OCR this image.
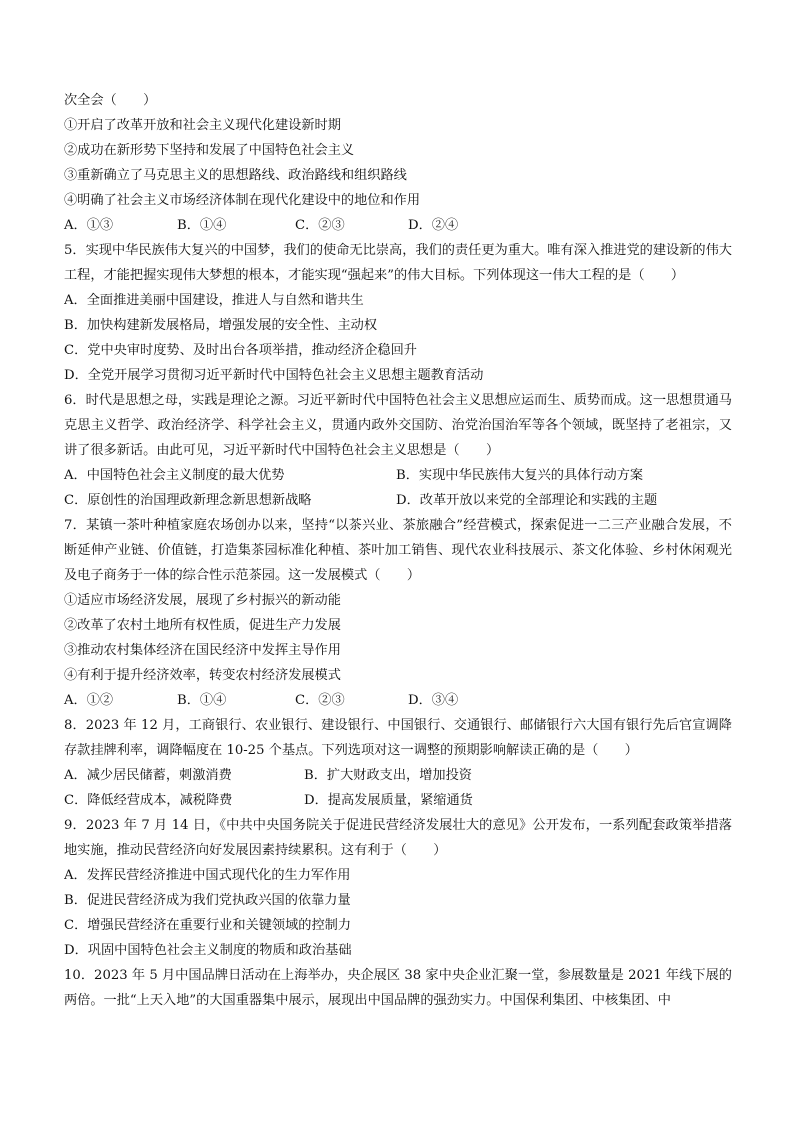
次全会（　　）
①开启了改革开放和社会主义现代化建设新时期
②成功在新形势下坚持和发展了中国特色社会主义
③重新确立了马克思主义的思想路线、政治路线和组织路线
④明确了社会主义市场经济体制在现代化建设中的地位和作用
A．①③	B．①④	C．②③	D．②④
5．实现中华民族伟大复兴的中国梦，我们的使命无比崇高，我们的责任更为重大。唯有深入推进党的建设新的伟大工程，才能把握实现伟大梦想的根本，才能实现“强起来”的伟大目标。下列体现这一伟大工程的是（　　）
A．全面推进美丽中国建设，推进人与自然和谐共生
B．加快构建新发展格局，增强发展的安全性、主动权
C．党中央审时度势、及时出台各项举措，推动经济企稳回升
D．全党开展学习贯彻习近平新时代中国特色社会主义思想主题教育活动
6．时代是思想之母，实践是理论之源。习近平新时代中国特色社会主义思想应运而生、质势而成。这一思想贯通马克思主义哲学、政治经济学、科学社会主义，贯通内政外交国防、治党治国治军等各个领域，既坚持了老祖宗，又讲了很多新话。由此可见，习近平新时代中国特色社会主义思想是（　　）
A．中国特色社会主义制度的最大优势	B．实现中华民族伟大复兴的具体行动方案
C．原创性的治国理政新理念新思想新战略	D．改革开放以来党的全部理论和实践的主题
7．某镇一茶叶种植家庭农场创办以来，坚持“以茶兴业、茶旅融合”经营模式，探索促进一二三产业融合发展，不断延伸产业链、价值链，打造集茶园标准化种植、茶叶加工销售、现代农业科技展示、茶文化体验、乡村休闲观光及电子商务于一体的综合性示范茶园。这一发展模式（　　）
①适应市场经济发展，展现了乡村振兴的新动能
②改革了农村土地所有权性质，促进生产力发展
③推动农村集体经济在国民经济中发挥主导作用
④有利于提升经济效率，转变农村经济发展模式
A．①②	B．①④	C．②③	D．③④
8．2023 年 12 月，工商银行、农业银行、建设银行、中国银行、交通银行、邮储银行六大国有银行先后官宣调降存款挂牌利率，调降幅度在 10-25 个基点。下列选项对这一调整的预期影响解读正确的是（　　）
A．减少居民储蓄，刺激消费	B．扩大财政支出，增加投资
C．降低经营成本，减税降费	D．提高发展质量，紧缩通货
9．2023 年 7 月 14 日，《中共中央国务院关于促进民营经济发展壮大的意见》公开发布，一系列配套政策举措落地实施，推动民营经济向好发展因素持续累积。这有利于（　　）
A．发挥民营经济推进中国式现代化的生力军作用
B．促进民营经济成为我们党执政兴国的依靠力量
C．增强民营经济在重要行业和关键领域的控制力
D．巩固中国特色社会主义制度的物质和政治基础
10．2023 年 5 月中国品牌日活动在上海举办，央企展区 38 家中央企业汇聚一堂，参展数量是 2021 年线下展的两倍。一批“上天入地”的大国重器集中展示，展现出中国品牌的强劲实力。中国保利集团、中核集团、中
